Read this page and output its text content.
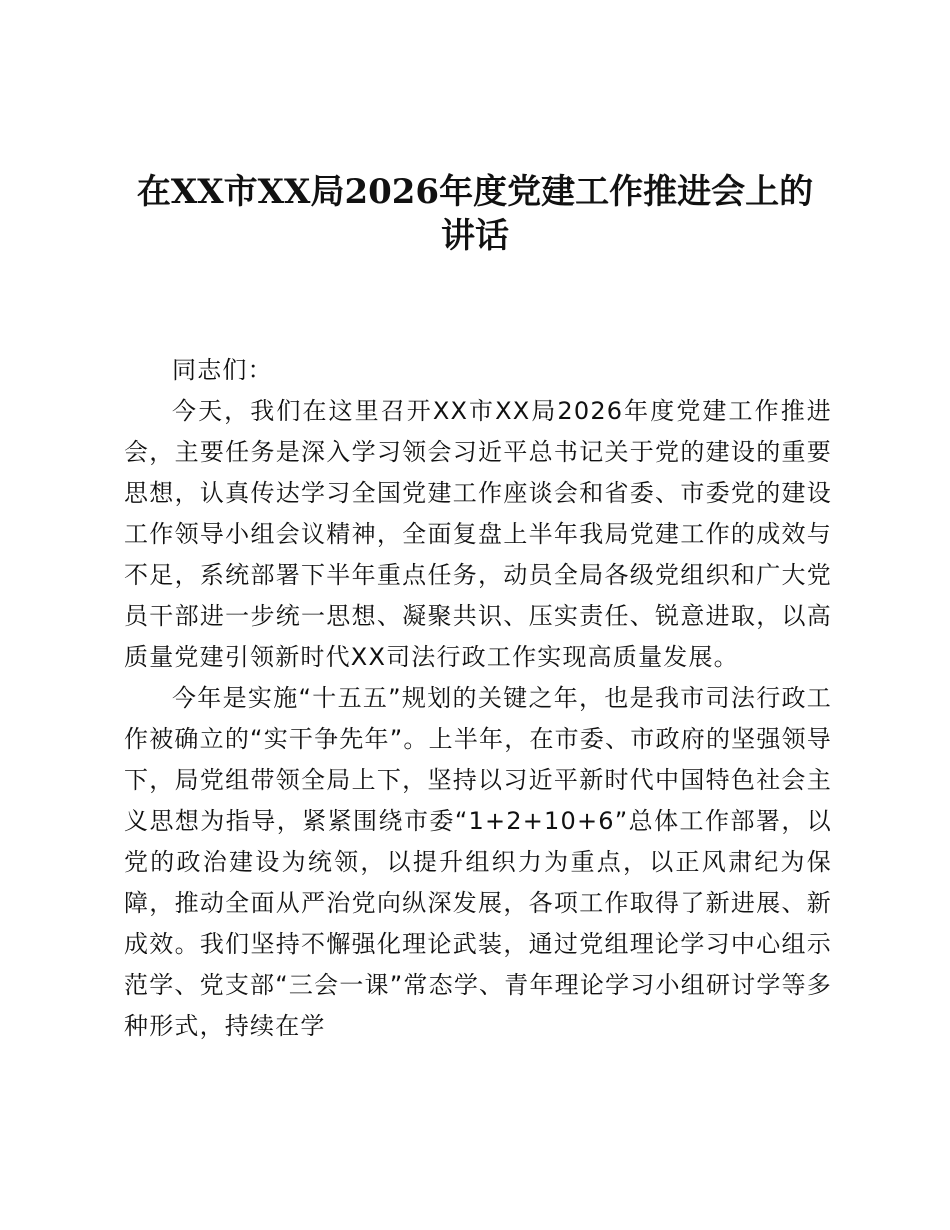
在XX市XX局2026年度党建工作推进会上的
讲话

同志们：

今天，我们在这里召开XX市XX局2026年度党建工作推进会，主要任务是深入学习领会习近平总书记关于党的建设的重要思想，认真传达学习全国党建工作座谈会和省委、市委党的建设工作领导小组会议精神，全面复盘上半年我局党建工作的成效与不足，系统部署下半年重点任务，动员全局各级党组织和广大党员干部进一步统一思想、凝聚共识、压实责任、锐意进取，以高质量党建引领新时代XX司法行政工作实现高质量发展。

今年是实施“十五五”规划的关键之年，也是我市司法行政工作被确立的“实干争先年”。上半年，在市委、市政府的坚强领导下，局党组带领全局上下，坚持以习近平新时代中国特色社会主义思想为指导，紧紧围绕市委“1+2+10+6”总体工作部署，以党的政治建设为统领，以提升组织力为重点，以正风肃纪为保障，推动全面从严治党向纵深发展，各项工作取得了新进展、新成效。我们坚持不懈强化理论武装，通过党组理论学习中心组示范学、党支部“三会一课”常态学、青年理论学习小组研讨学等多种形式，持续在学
